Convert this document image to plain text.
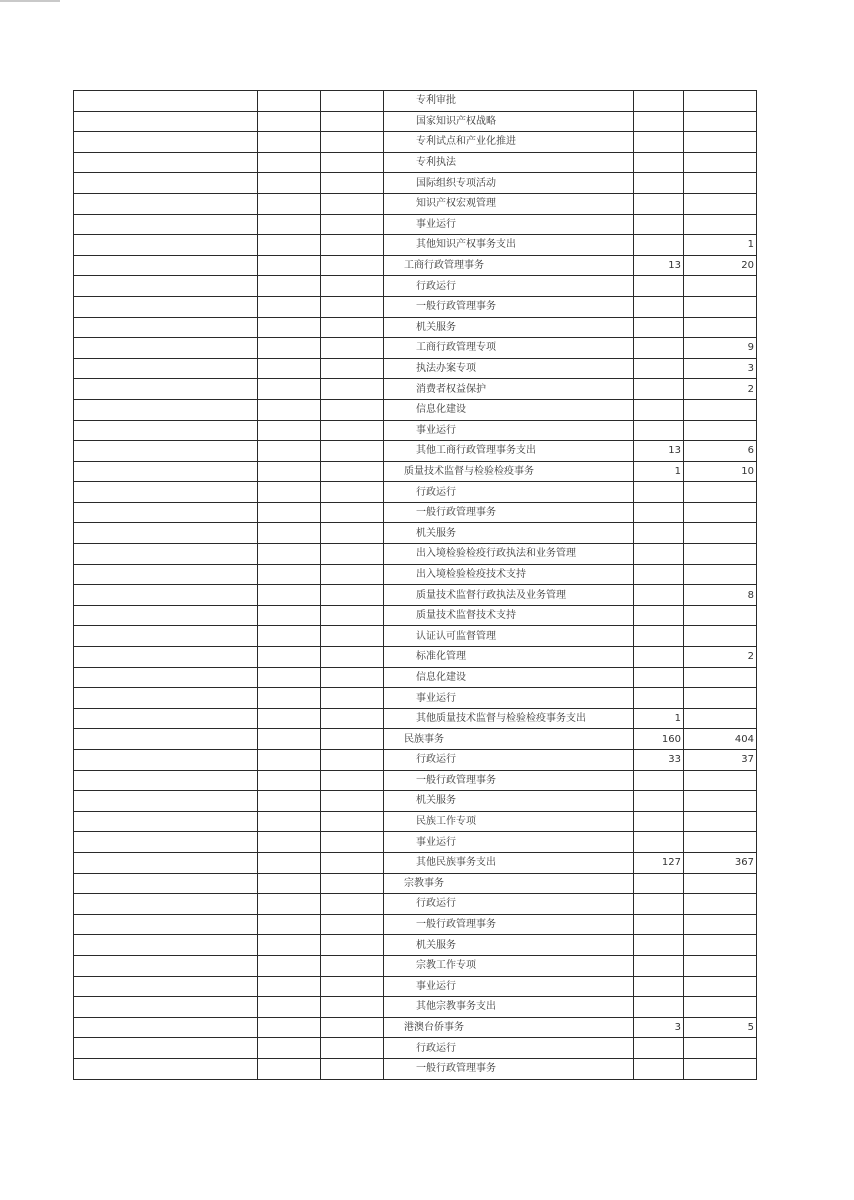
			专利审批		
			国家知识产权战略		
			专利试点和产业化推进		
			专利执法		
			国际组织专项活动		
			知识产权宏观管理		
			事业运行		
			其他知识产权事务支出		1
			工商行政管理事务	13	20
			行政运行		
			一般行政管理事务		
			机关服务		
			工商行政管理专项		9
			执法办案专项		3
			消费者权益保护		2
			信息化建设		
			事业运行		
			其他工商行政管理事务支出	13	6
			质量技术监督与检验检疫事务	1	10
			行政运行		
			一般行政管理事务		
			机关服务		
			出入境检验检疫行政执法和业务管理		
			出入境检验检疫技术支持		
			质量技术监督行政执法及业务管理		8
			质量技术监督技术支持		
			认证认可监督管理		
			标准化管理		2
			信息化建设		
			事业运行		
			其他质量技术监督与检验检疫事务支出	1	
			民族事务	160	404
			行政运行	33	37
			一般行政管理事务		
			机关服务		
			民族工作专项		
			事业运行		
			其他民族事务支出	127	367
			宗教事务		
			行政运行		
			一般行政管理事务		
			机关服务		
			宗教工作专项		
			事业运行		
			其他宗教事务支出		
			港澳台侨事务	3	5
			行政运行		
			一般行政管理事务		
